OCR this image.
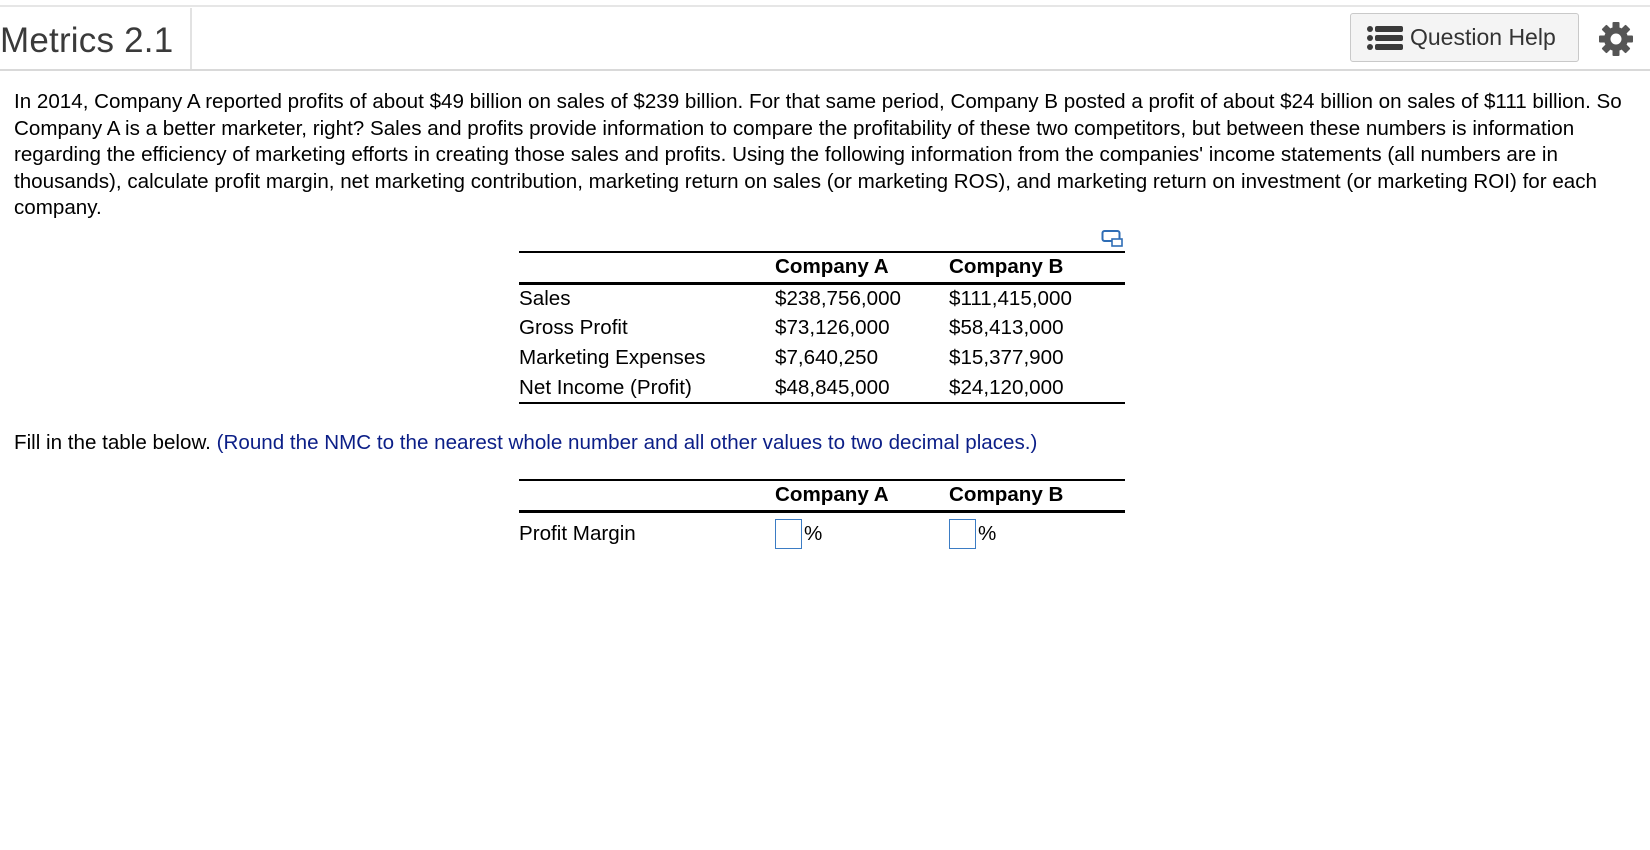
Metrics 2.1	Question Help

In 2014, Company A reported profits of about $49 billion on sales of $239 billion. For that same period, Company B posted a profit of about $24 billion on sales of $111 billion. So Company A is a better marketer, right? Sales and profits provide information to compare the profitability of these two competitors, but between these numbers is information regarding the efficiency of marketing efforts in creating those sales and profits. Using the following information from the companies' income statements (all numbers are in thousands), calculate profit margin, net marketing contribution, marketing return on sales (or marketing ROS), and marketing return on investment (or marketing ROI) for each company.

	Company A	Company B
Sales	$238,756,000	$111,415,000
Gross Profit	$73,126,000	$58,413,000
Marketing Expenses	$7,640,250	$15,377,900
Net Income (Profit)	$48,845,000	$24,120,000
Fill in the table below. (Round the NMC to the nearest whole number and all other values to two decimal places.)
	Company A	Company B
Profit Margin	%	%
